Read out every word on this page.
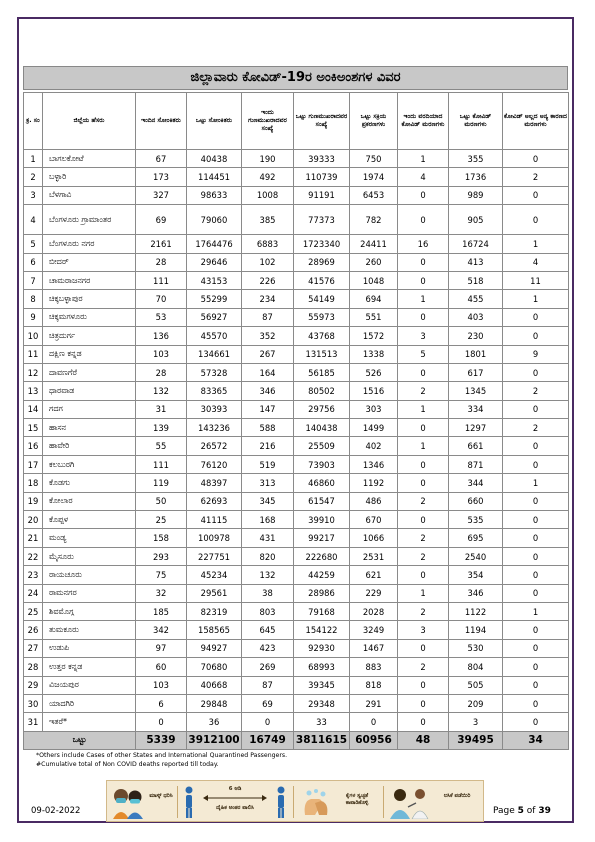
ಜಿಲ್ಲಾವಾರು ಕೋವಿಡ್-19ರ ಅಂಕಿಅಂಶಗಳ ವಿವರ
ಕ್ರ. ಸಂ	ಜಿಲ್ಲೆಯ ಹೆಸರು	ಇಂದಿನ ಸೋಂಕಿತರು	ಒಟ್ಟು ಸೋಂಕಿತರು	ಇಂದು ಗುಣಮುಖರಾದವರ ಸಂಖ್ಯೆ	ಒಟ್ಟು ಗುಣಮುಖರಾದವರ ಸಂಖ್ಯೆ	ಒಟ್ಟು ಸಕ್ರಿಯ ಪ್ರಕರಣಗಳು	ಇಂದು ವರದಿಯಾದ ಕೋವಿಡ್ ಮರಣಗಳು	ಒಟ್ಟು ಕೋವಿಡ್ ಮರಣಗಳು	ಕೋವಿಡ್ ಅಲ್ಲದ ಅನ್ಯ ಕಾರಣದ ಮರಣಗಳು
1	ಬಾಗಲಕೋಟೆ	67	40438	190	39333	750	1	355	0
2	ಬಳ್ಳಾರಿ	173	114451	492	110739	1974	4	1736	2
3	ಬೆಳಗಾವಿ	327	98633	1008	91191	6453	0	989	0
4	ಬೆಂಗಳೂರು ಗ್ರಾಮಾಂತರ	69	79060	385	77373	782	0	905	0
5	ಬೆಂಗಳೂರು ನಗರ	2161	1764476	6883	1723340	24411	16	16724	1
6	ಬೀದರ್	28	29646	102	28969	260	0	413	4
7	ಚಾಮರಾಜನಗರ	111	43153	226	41576	1048	0	518	11
8	ಚಿಕ್ಕಬಳ್ಳಾಪುರ	70	55299	234	54149	694	1	455	1
9	ಚಿಕ್ಕಮಗಳೂರು	53	56927	87	55973	551	0	403	0
10	ಚಿತ್ರದುರ್ಗ	136	45570	352	43768	1572	3	230	0
11	ದಕ್ಷಿಣ ಕನ್ನಡ	103	134661	267	131513	1338	5	1801	9
12	ದಾವಣಗೆರೆ	28	57328	164	56185	526	0	617	0
13	ಧಾರವಾಡ	132	83365	346	80502	1516	2	1345	2
14	ಗದಗ	31	30393	147	29756	303	1	334	0
15	ಹಾಸನ	139	143236	588	140438	1499	0	1297	2
16	ಹಾವೇರಿ	55	26572	216	25509	402	1	661	0
17	ಕಲಬುರಗಿ	111	76120	519	73903	1346	0	871	0
18	ಕೊಡಗು	119	48397	313	46860	1192	0	344	1
19	ಕೋಲಾರ	50	62693	345	61547	486	2	660	0
20	ಕೊಪ್ಪಳ	25	41115	168	39910	670	0	535	0
21	ಮಂಡ್ಯ	158	100978	431	99217	1066	2	695	0
22	ಮೈಸೂರು	293	227751	820	222680	2531	2	2540	0
23	ರಾಯಚೂರು	75	45234	132	44259	621	0	354	0
24	ರಾಮನಗರ	32	29561	38	28986	229	1	346	0
25	ಶಿವಮೊಗ್ಗ	185	82319	803	79168	2028	2	1122	1
26	ತುಮಕೂರು	342	158565	645	154122	3249	3	1194	0
27	ಉಡುಪಿ	97	94927	423	92930	1467	0	530	0
28	ಉತ್ತರ ಕನ್ನಡ	60	70680	269	68993	883	2	804	0
29	ವಿಜಯಪುರ	103	40668	87	39345	818	0	505	0
30	ಯಾದಗಿರಿ	6	29848	69	29348	291	0	209	0
31	ಇತರೆ*	0	36	0	33	0	0	3	0
ಒಟ್ಟು		5339	3912100	16749	3811615	60956	48	39495	34
*Others include Cases of other States and International Quarantined Passengers.
#Cumulative total of Non COVID deaths reported till today.
09-02-2022
ಮಾಸ್ಕ್ ಧರಿಸಿ
6 ಅಡಿ
ದೈಹಿಕ ಅಂತರ ಪಾಲಿಸಿ
ಕೈಗಳ ಸ್ವಚ್ಛತೆ ಕಾಪಾಡಿಕೊಳ್ಳಿ
ಲಸಿಕೆ ಪಡೆಯಿರಿ
Page 5 of 39
